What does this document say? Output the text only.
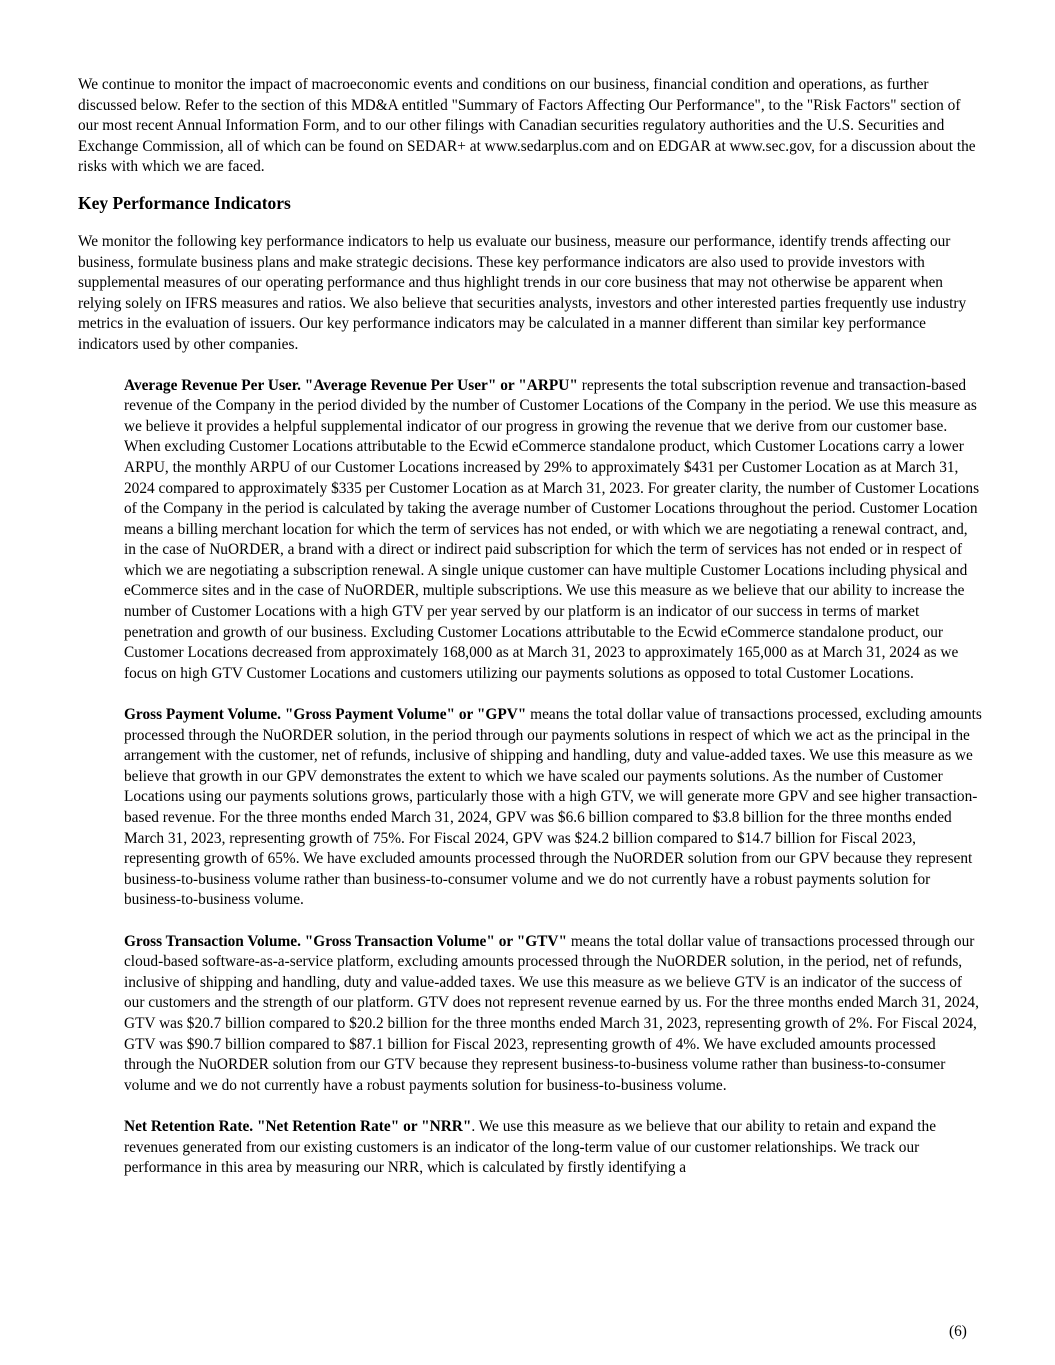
We continue to monitor the impact of macroeconomic events and conditions on our business, financial condition and operations, as further discussed below. Refer to the section of this MD&A entitled "Summary of Factors Affecting Our Performance", to the "Risk Factors" section of our most recent Annual Information Form, and to our other filings with Canadian securities regulatory authorities and the U.S. Securities and Exchange Commission, all of which can be found on SEDAR+ at www.sedarplus.com and on EDGAR at www.sec.gov, for a discussion about the risks with which we are faced.

Key Performance Indicators

We monitor the following key performance indicators to help us evaluate our business, measure our performance, identify trends affecting our business, formulate business plans and make strategic decisions. These key performance indicators are also used to provide investors with supplemental measures of our operating performance and thus highlight trends in our core business that may not otherwise be apparent when relying solely on IFRS measures and ratios. We also believe that securities analysts, investors and other interested parties frequently use industry metrics in the evaluation of issuers. Our key performance indicators may be calculated in a manner different than similar key performance indicators used by other companies.

Average Revenue Per User. "Average Revenue Per User" or "ARPU" represents the total subscription revenue and transaction-based revenue of the Company in the period divided by the number of Customer Locations of the Company in the period. We use this measure as we believe it provides a helpful supplemental indicator of our progress in growing the revenue that we derive from our customer base. When excluding Customer Locations attributable to the Ecwid eCommerce standalone product, which Customer Locations carry a lower ARPU, the monthly ARPU of our Customer Locations increased by 29% to approximately $431 per Customer Location as at March 31, 2024 compared to approximately $335 per Customer Location as at March 31, 2023. For greater clarity, the number of Customer Locations of the Company in the period is calculated by taking the average number of Customer Locations throughout the period. Customer Location means a billing merchant location for which the term of services has not ended, or with which we are negotiating a renewal contract, and, in the case of NuORDER, a brand with a direct or indirect paid subscription for which the term of services has not ended or in respect of which we are negotiating a subscription renewal. A single unique customer can have multiple Customer Locations including physical and eCommerce sites and in the case of NuORDER, multiple subscriptions. We use this measure as we believe that our ability to increase the number of Customer Locations with a high GTV per year served by our platform is an indicator of our success in terms of market penetration and growth of our business. Excluding Customer Locations attributable to the Ecwid eCommerce standalone product, our Customer Locations decreased from approximately 168,000 as at March 31, 2023 to approximately 165,000 as at March 31, 2024 as we focus on high GTV Customer Locations and customers utilizing our payments solutions as opposed to total Customer Locations.

Gross Payment Volume. "Gross Payment Volume" or "GPV" means the total dollar value of transactions processed, excluding amounts processed through the NuORDER solution, in the period through our payments solutions in respect of which we act as the principal in the arrangement with the customer, net of refunds, inclusive of shipping and handling, duty and value-added taxes. We use this measure as we believe that growth in our GPV demonstrates the extent to which we have scaled our payments solutions. As the number of Customer Locations using our payments solutions grows, particularly those with a high GTV, we will generate more GPV and see higher transaction-based revenue. For the three months ended March 31, 2024, GPV was $6.6 billion compared to $3.8 billion for the three months ended March 31, 2023, representing growth of 75%. For Fiscal 2024, GPV was $24.2 billion compared to $14.7 billion for Fiscal 2023, representing growth of 65%. We have excluded amounts processed through the NuORDER solution from our GPV because they represent business-to-business volume rather than business-to-consumer volume and we do not currently have a robust payments solution for business-to-business volume.

Gross Transaction Volume. "Gross Transaction Volume" or "GTV" means the total dollar value of transactions processed through our cloud-based software-as-a-service platform, excluding amounts processed through the NuORDER solution, in the period, net of refunds, inclusive of shipping and handling, duty and value-added taxes. We use this measure as we believe GTV is an indicator of the success of our customers and the strength of our platform. GTV does not represent revenue earned by us. For the three months ended March 31, 2024, GTV was $20.7 billion compared to $20.2 billion for the three months ended March 31, 2023, representing growth of 2%. For Fiscal 2024, GTV was $90.7 billion compared to $87.1 billion for Fiscal 2023, representing growth of 4%. We have excluded amounts processed through the NuORDER solution from our GTV because they represent business-to-business volume rather than business-to-consumer volume and we do not currently have a robust payments solution for business-to-business volume.

Net Retention Rate. "Net Retention Rate" or "NRR". We use this measure as we believe that our ability to retain and expand the revenues generated from our existing customers is an indicator of the long-term value of our customer relationships. We track our performance in this area by measuring our NRR, which is calculated by firstly identifying a

(6)
